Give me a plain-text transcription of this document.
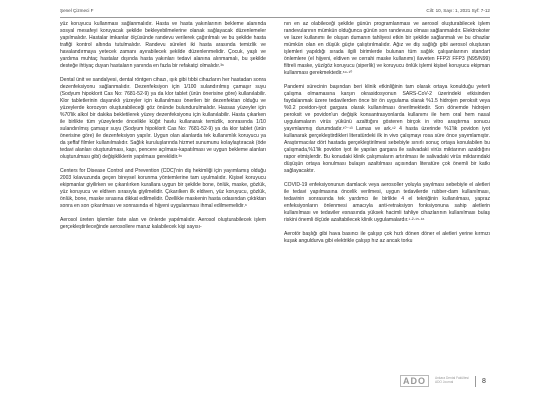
Şenel Çizmeci F	Cilt: 10, Sayı: 1, 2021 Syf: 7-12

yüz koruyucu kullanması sağlanmalıdır. Hasta ve hasta yakınlarının bekleme alanında sosyal mesafeyi koruyacak şekilde bekleyebilmelerine olanak sağlayacak düzenlemeler yapılmalıdır. Hastalar imkanlar ölçüsünde randevu verilerek çağırılmalı ve bu şekilde hasta trafiği kontrol altında tutulmalıdır. Randevu süreleri iki hasta arasında temizlik ve havalandırmaya yetecek zamanı ayırabilecek şekilde düzenlenmelidir. Çocuk, yaşlı ve yardıma muhtaç hastalar dışında hasta yakınları tedavi alanına alınmamalı, bu şekilde desteğe ihtiyaç duyan hastaların yanında en fazla bir refakatçi olmalıdır.³⁶

Dental ünit ve sandalyesi, dental röntgen cihazı, ışık gibi tıbbi cihazların her hastadan sonra dezenfeksiyonu sağlanmalıdır. Dezenfeksiyon için 1/100 sulandırılmış çamaşır suyu (Sodyum hipoklorit Cas No: 7681-52-9) ya da klor tablet (ürün önerisine göre) kullanılabilir. Klor tabletlerinin dayanıklı yüzeyler için kullanılması önerilen bir dezenfektan olduğu ve yüzeylerde korozyon oluşturabileceği göz önünde bulundurulmalıdır. Hassas yüzeyler için %70'lik alkol bir dakika bekletilerek yüzey dezenfeksiyonu için kullanılabilir. Hasta çıkarken ile birlikte tüm yüzeylerde öncelikle küğıt havlu kullanarak temizlik, sonrasında 1/10 sulandırılmış çamaşır suyu (Sodyum hipoklorit Cas No: 7681-52-9) ya da klor tablet (ürün önerisine göre) ile dezenfeksiyon yapılır. Uygun olan alanlarda tek kullanımlık koruyucu ya da şeffaf filmler kullanılmalıdır. Sağlık kuruluşlarında hizmet sunumunu kolaylaştıracak (öde tedavi alanları oluşturulması, kapı, pencere açılması-kapatılması ve uygun bekleme alanları oluşturulması gibi) değişikliklerin yapılması gereklidir.³⁶

Centers for Disease Control and Prevention (CDC)'nin diş hekimliği için yayımlamış olduğu 2003 kılavuzunda geçen bireysel korunma yöntemlerine tam uyulmalıdır. Kişisel koruyucu ekipmanlar giyilirken ve çıkarılırken kurallara uygun bir şekilde bone, önlük, maske, gözlük, yüz koruyucu ve eldiven sırasıyla giyilmelidir. Çıkarılken ilk eldiven, yüz koruyucu, gözlük, önlük, bone, maske sırasına dikkat edilmelidir. Özellikle maskenin hasta odasından çıktıktan sonra en son çıkarılması ve sonrasında el hijyeni uygulanması ihmal edilmemelidir.⁶

Aerosol üreten işlemler öste alan ve önlerde yapılmalıdır. Aerosol oluşturabilecek işlem gerçekleştirileceğinde aerosollere maruz kalabilecek kişi sayısı-

nın en az olabileceği şekilde günün programlanması ve aerosol oluşturabilecek işlem randevularının mümkün olduğunca günün son randevusu olması sağlanmalıdır. Elektrokoter ve lazer kullanımı ile oluşan dumanın tahliyesi etkin bir şekilde sağlanmalı ve bu cihazlar mümkün olan en düşük güçte çalıştırılmalıdır. Ağız ve diş sağlığı gibi aerosol oluşturan işlemleri yapıldığı sırada ilgili birimlerde bulunan tüm sağlık çalışanlarının standart önlemlere (el hijyeni, eldiven ve cerrahi maske kullanımı) ilaveten FFP2/ FFP3 (N95/N99) filtreli maske, yüz/göz koruyucu (siperlik) ve koruyucu önlük işlemi kişisel koruyucu ekipman kullanması gerekmektedir.⁶⁹·¹⁰

Pandemi sürecinin başından beri klinik etkinliğinin tam olarak ortaya konulduğu yeterli çalışma olmamasına karşın okrasidosyonun SARS-CoV-2 üzerindeki etkisinden faydalanmak üzere tedavilerden önce bir ön uygulama olarak %1.5 hidrojen peroksit veya %0.2 povidon-iyot gargara olarak kullanılması önerilmektedir. Son dönemde hidrojen peroksit ve povidon'un değişik konsantrasyonlarda kullanımı ile hem oral hem nasal uygulamaların virüs yükünü azalttığını gösteren birçok in vitro araştırma sonucu yayımlanmış durumdadır.¹⁰⁻¹³ Lamas ve ark.¹² 4 hasta üzerinde %1'lik povidon iyot kullanarak gerçekleştirdikleri literatürdeki ilk in vivo çalışmayı rosa süre önce yayımlamıştır. Araştırmacılar dört hastada gerçekleştirilmesi sebebiyle sınırlı sonuç ortaya konulabilen bu çalışmada,%1'lik povidon iyot ile yapılan gargara ile salivadaki virüs miktarının azaldığını rapor etmişlerdir. Bu konudaki klinik çalışmaların artırılması ile salivadaki virüs miktarındaki düşüşün ortaya konulması bulaşın azaltılması açısından literatüre çok önemli bir katkı sağlayacaktır.

COVID-19 enfeksiyonunun damlacık veya aerosoller yoluyla yayılması sebebiyle el aletleri ile tedavi yapılmasına öncelik verilmesi, uygun tedavilerde rubber-dam kullanılması, tedavinin sonrasında tek yardımcı ile birlikte 4 el tekniğinin kullanılması, yapraz enfeksiyonların önlenmesi amacıyla anti-retraksiyon fonksiyonuna sahip aletlerin kullanılması ve tedaviler esnasında yüksek hacimli tahliye cihazlarının kullanılması bulaş riskini önemli ölçüde azaltabilecek klinik uygulamalardır.¹·²·¹⁵·¹⁶

Aerotör başlığı gibi hava basıncı ile çalışıp çok hızlı dönen döner el aletleri yerine kırmızı kuşak anguldurva gibi elektrikle çalışıp hız az ancak torku

ADO	Ankara Dental Fakültesi
ADO Journal	8
